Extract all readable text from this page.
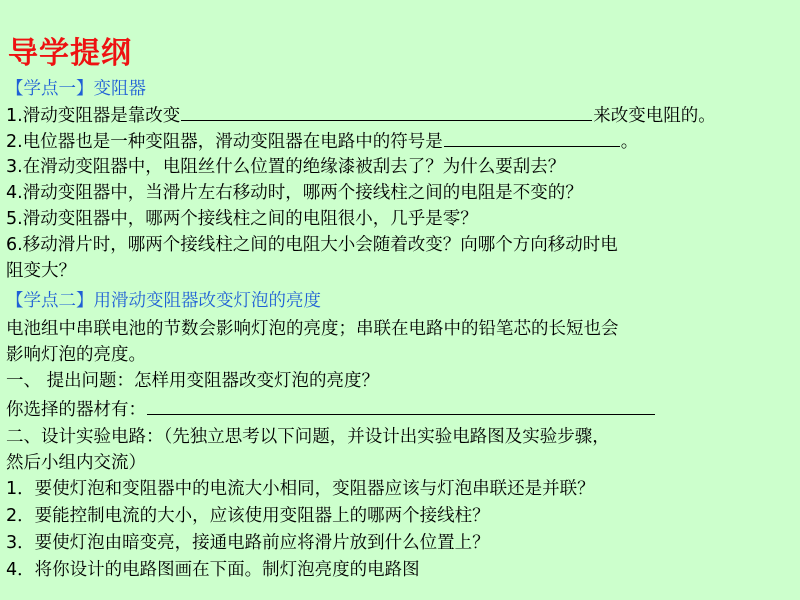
导学提纲
【学点一】变阻器
1.滑动变阻器是靠改变	来改变电阻的。
2.电位器也是一种变阻器，滑动变阻器在电路中的符号是	。
3.在滑动变阻器中，电阻丝什么位置的绝缘漆被刮去了？为什么要刮去？
4.滑动变阻器中，当滑片左右移动时，哪两个接线柱之间的电阻是不变的？
5.滑动变阻器中，哪两个接线柱之间的电阻很小，几乎是零？
6.移动滑片时，哪两个接线柱之间的电阻大小会随着改变？向哪个方向移动时电
阻变大？
【学点二】用滑动变阻器改变灯泡的亮度
电池组中串联电池的节数会影响灯泡的亮度；串联在电路中的铅笔芯的长短也会
影响灯泡的亮度。
一、 提出问题：怎样用变阻器改变灯泡的亮度？
你选择的器材有：
二、设计实验电路：（先独立思考以下问题，并设计出实验电路图及实验步骤，
然后小组内交流）
1．要使灯泡和变阻器中的电流大小相同，变阻器应该与灯泡串联还是并联？
2．要能控制电流的大小，应该使用变阻器上的哪两个接线柱？
3．要使灯泡由暗变亮，接通电路前应将滑片放到什么位置上？
4．将你设计的电路图画在下面。制灯泡亮度的电路图
